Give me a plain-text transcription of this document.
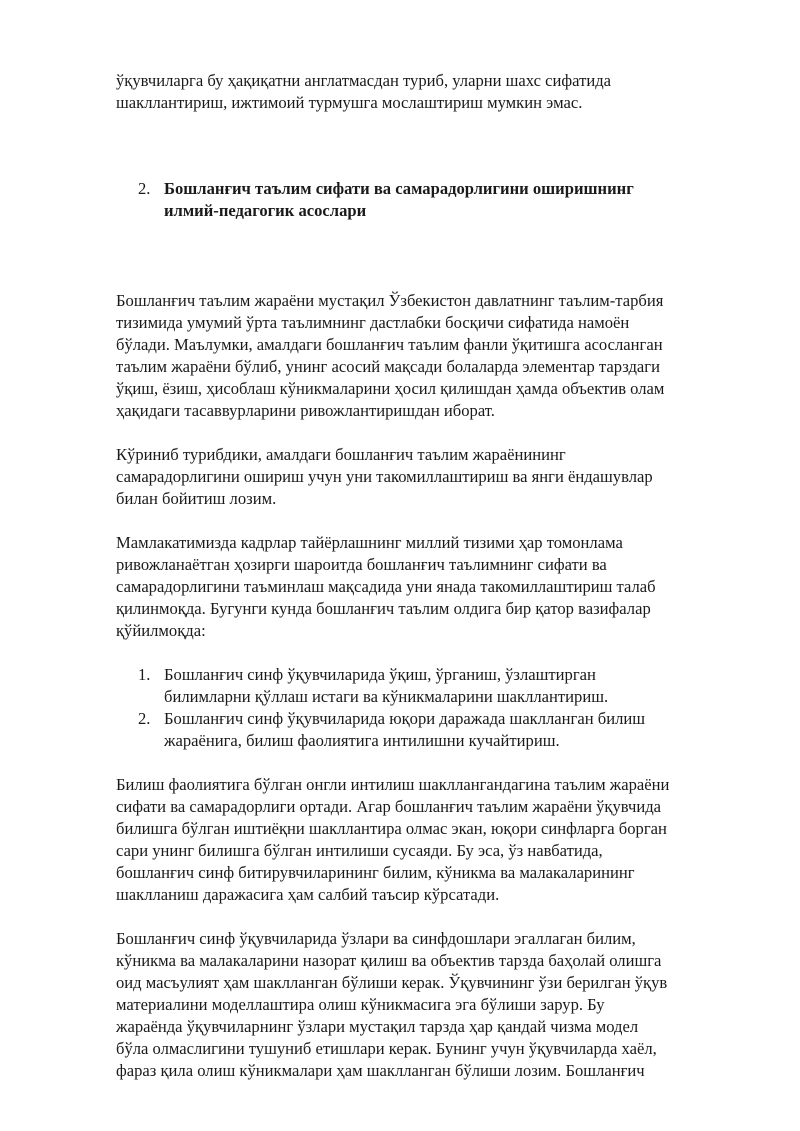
ўқувчиларга бу ҳақиқатни англатмасдан туриб, уларни шахс сифатида
шакллантириш, ижтимоий турмушга мослаштириш мумкин эмас.

2. Бошланғич таълим сифати ва самарадорлигини оширишнинг
илмий-педагогик асослари

Бошланғич таълим жараёни мустақил Ўзбекистон давлатнинг таълим-тарбия
тизимида умумий ўрта таълимнинг дастлабки босқичи сифатида намоён
бўлади. Маълумки, амалдаги бошланғич таълим фанли ўқитишга асосланган
таълим жараёни бўлиб, унинг асосий мақсади болаларда элементар тарздаги
ўқиш, ёзиш, ҳисоблаш кўникмаларини ҳосил қилишдан ҳамда объектив олам
ҳақидаги тасаввурларини ривожлантиришдан иборат.

Кўриниб турибдики, амалдаги бошланғич таълим жараёнининг
самарадорлигини ошириш учун уни такомиллаштириш ва янги ёндашувлар
билан бойитиш лозим.

Мамлакатимизда кадрлар тайёрлашнинг миллий тизими ҳар томонлама
ривожланаётган ҳозирги шароитда бошланғич таълимнинг сифати ва
самарадорлигини таъминлаш мақсадида уни янада такомиллаштириш талаб
қилинмоқда. Бугунги кунда бошланғич таълим олдига бир қатор вазифалар
қўйилмоқда:

1. Бошланғич синф ўқувчиларида ўқиш, ўрганиш, ўзлаштирган
билимларни қўллаш истаги ва кўникмаларини шакллантириш.
2. Бошланғич синф ўқувчиларида юқори даражада шаклланган билиш
жараёнига, билиш фаолиятига интилишни кучайтириш.

Билиш фаолиятига бўлган онгли интилиш шакллангандагина таълим жараёни
сифати ва самарадорлиги ортади. Агар бошланғич таълим жараёни ўқувчида
билишга бўлган иштиёқни шакллантира олмас экан, юқори синфларга борган
сари унинг билишга бўлган интилиши сусаяди. Бу эса, ўз навбатида,
бошланғич синф битирувчиларининг билим, кўникма ва малакаларининг
шаклланиш даражасига ҳам салбий таъсир кўрсатади.

Бошланғич синф ўқувчиларида ўзлари ва синфдошлари эгаллаган билим,
кўникма ва малакаларини назорат қилиш ва объектив тарзда баҳолай олишга
оид масъулият ҳам шаклланган бўлиши керак. Ўқувчининг ўзи берилган ўқув
материалини моделлаштира олиш кўникмасига эга бўлиши зарур. Бу
жараёнда ўқувчиларнинг ўзлари мустақил тарзда ҳар қандай чизма модел
бўла олмаслигини тушуниб етишлари керак. Бунинг учун ўқувчиларда хаёл,
фараз қила олиш кўникмалари ҳам шаклланган бўлиши лозим. Бошланғич
